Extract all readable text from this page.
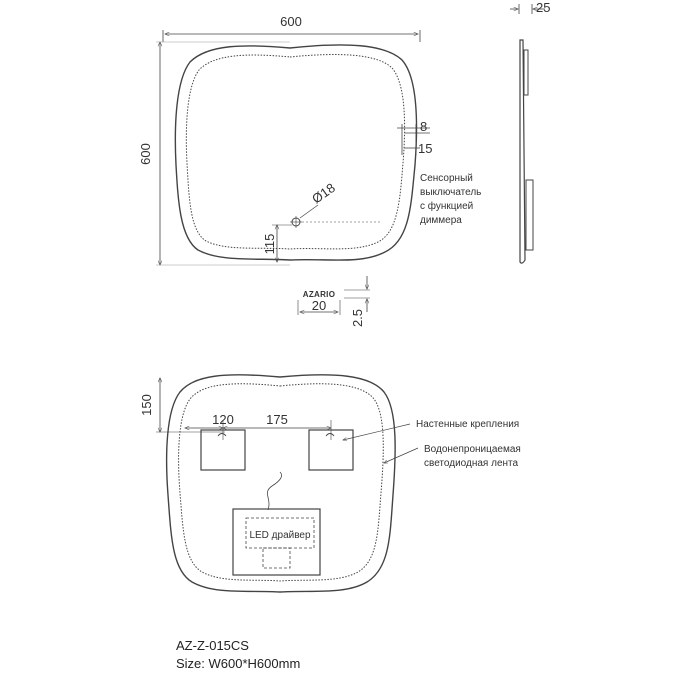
600
600
8
15
Ø18
115
Сенсорный
выключатель
с функцией
диммера
AZARIO
20
2.5
25
150
120 175	Настенные крепления
Водонепроницаемая
светодиодная лента
LED драйвер
AZ-Z-015CS
Size: W600*H600mm
